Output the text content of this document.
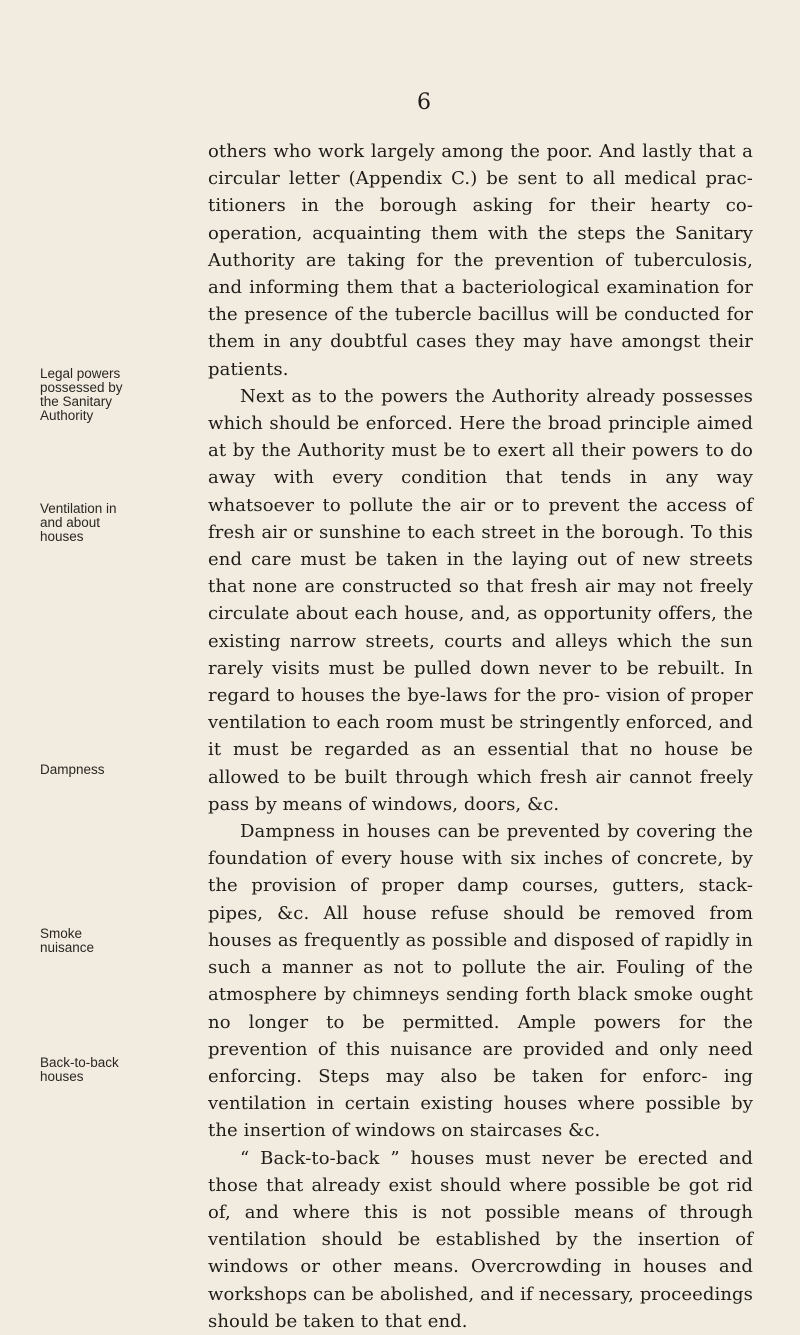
6
Legal powers
possessed by
the Sanitary
Authority
Ventilation in
and about
houses
Dampness
Smoke
nuisance
Back-to-back
houses

others who work largely among the poor. And lastly that a circular letter (Appendix C.) be sent to all medical prac- titioners in the borough asking for their hearty co-operation, acquainting them with the steps the Sanitary Authority are taking for the prevention of tuberculosis, and informing them that a bacteriological examination for the presence of the tubercle bacillus will be conducted for them in any doubtful cases they may have amongst their patients.

Next as to the powers the Authority already possesses which should be enforced. Here the broad principle aimed at by the Authority must be to exert all their powers to do away with every condition that tends in any way whatsoever to pollute the air or to prevent the access of fresh air or sunshine to each street in the borough. To this end care must be taken in the laying out of new streets that none are constructed so that fresh air may not freely circulate about each house, and, as opportunity offers, the existing narrow streets, courts and alleys which the sun rarely visits must be pulled down never to be rebuilt. In regard to houses the bye-laws for the pro- vision of proper ventilation to each room must be stringently enforced, and it must be regarded as an essential that no house be allowed to be built through which fresh air cannot freely pass by means of windows, doors, &c.

Dampness in houses can be prevented by covering the foundation of every house with six inches of concrete, by the provision of proper damp courses, gutters, stack-pipes, &c. All house refuse should be removed from houses as frequently as possible and disposed of rapidly in such a manner as not to pollute the air. Fouling of the atmosphere by chimneys sending forth black smoke ought no longer to be permitted. Ample powers for the prevention of this nuisance are provided and only need enforcing. Steps may also be taken for enforc- ing ventilation in certain existing houses where possible by the insertion of windows on staircases &c.

“ Back-to-back ” houses must never be erected and those that already exist should where possible be got rid of, and where this is not possible means of through ventilation should be established by the insertion of windows or other means. Overcrowding in houses and workshops can be abolished, and if necessary, proceedings should be taken to that end.
